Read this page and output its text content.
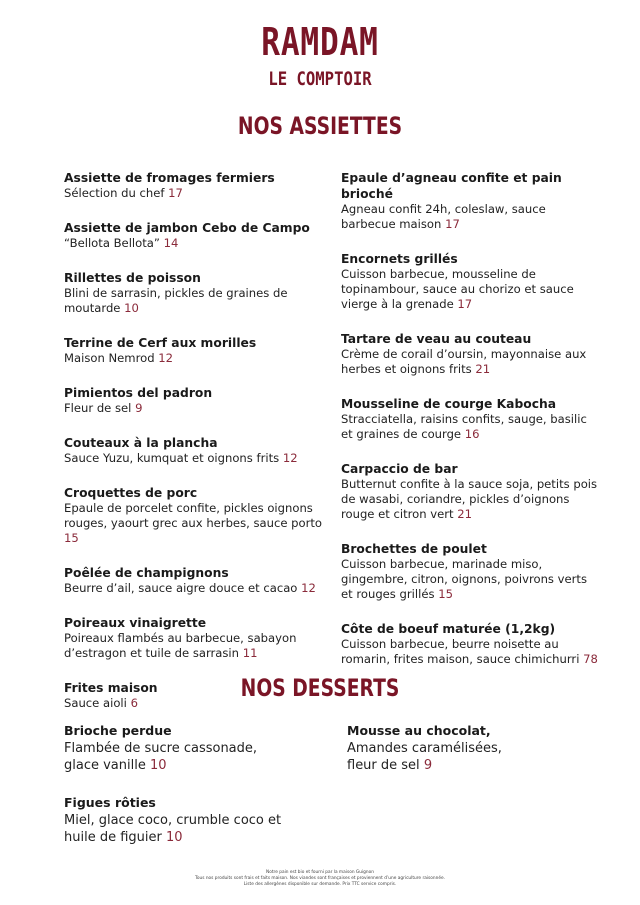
RAMDAM
LE COMPTOIR
NOS ASSIETTES
Assiette de fromages fermiers
Sélection du chef 17
Assiette de jambon Cebo de Campo
“Bellota Bellota” 14
Rillettes de poisson
Blini de sarrasin, pickles de graines de moutarde 10
Terrine de Cerf aux morilles
Maison Nemrod 12
Pimientos del padron
Fleur de sel 9
Couteaux à la plancha
Sauce Yuzu, kumquat et oignons frits 12
Croquettes de porc
Epaule de porcelet confite, pickles oignons rouges, yaourt grec aux herbes, sauce porto 15
Poêlée de champignons
Beurre d’ail, sauce aigre douce et cacao 12
Poireaux vinaigrette
Poireaux flambés au barbecue, sabayon d’estragon et tuile de sarrasin 11
Frites maison
Sauce aioli 6
Epaule d’agneau confite et pain brioché
Agneau confit 24h, coleslaw, sauce barbecue maison 17
Encornets grillés
Cuisson barbecue, mousseline de topinambour, sauce au chorizo et sauce vierge à la grenade 17
Tartare de veau au couteau
Crème de corail d’oursin, mayonnaise aux herbes et oignons frits 21
Mousseline de courge Kabocha
Stracciatella, raisins confits, sauge, basilic et graines de courge 16
Carpaccio de bar
Butternut confite à la sauce soja, petits pois de wasabi, coriandre, pickles d’oignons rouge et citron vert 21
Brochettes de poulet
Cuisson barbecue, marinade miso, gingembre, citron, oignons, poivrons verts et rouges grillés 15
Côte de boeuf maturée (1,2kg)
Cuisson barbecue, beurre noisette au romarin, frites maison, sauce chimichurri 78
NOS DESSERTS
Brioche perdue
Flambée de sucre cassonade, glace vanille 10
Figues rôties
Miel, glace coco, crumble coco et huile de figuier 10
Mousse au chocolat,
Amandes caramélisées, fleur de sel 9
Notre pain est bio et fourni par la maison Guignon
Tous nos produits sont frais et faits maison. Nos viandes sont françaises et proviennent d’une agriculture raisonnée.
Liste des allergènes disponible sur demande. Prix TTC service compris.
